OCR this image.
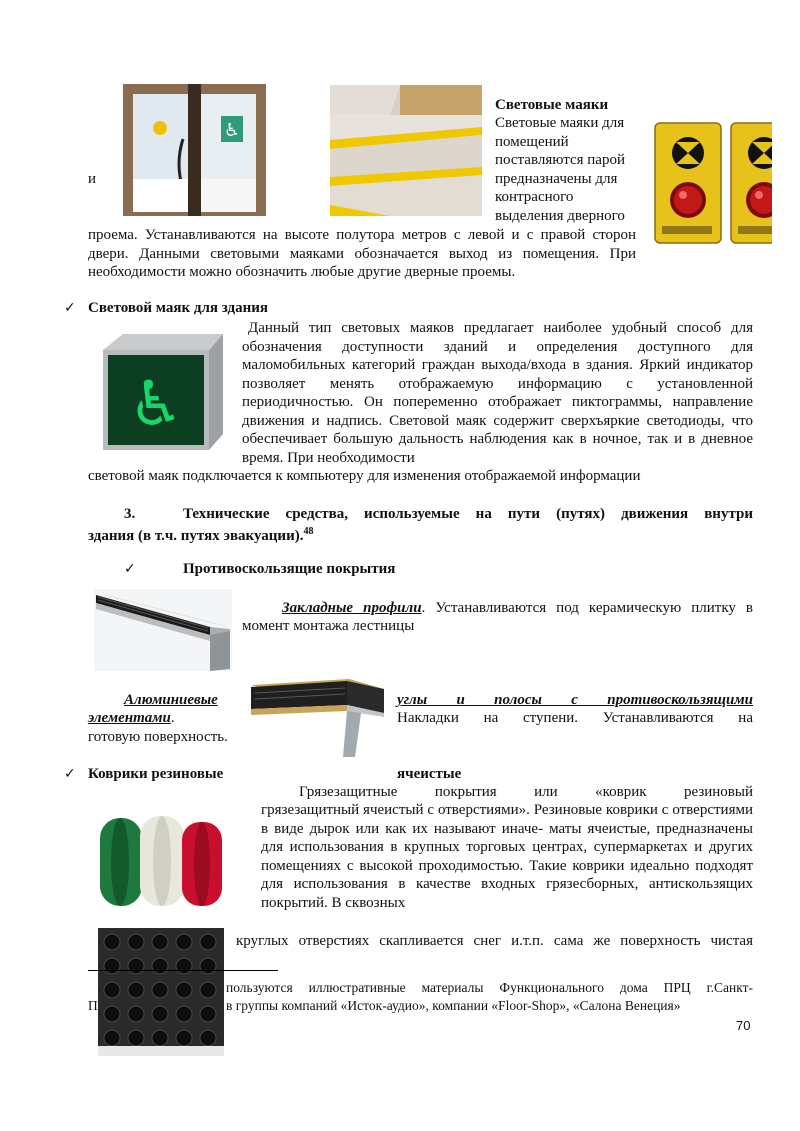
♿
и
Световые маяки
Световые маяки для
помещений
поставляются парой
предназначены для
контрасного
выделения дверного
проема. Устанавливаются на высоте полутора метров с левой и с правой сторон двери. Данными световыми маяками обозначается выход из помещения. При необходимости можно обозначить любые другие дверные проемы.
✓ Световой маяк для здания
♿
Данный тип световых маяков предлагает наиболее удобный способ для обозначения доступности зданий и определения доступного для маломобильных категорий граждан выхода/входа в здания. Яркий индикатор позволяет менять отображаемую информацию с установленной периодичностью. Он попеременно отображает пиктограммы, направление движения и надпись. Световой маяк содержит сверхъяркие светодиоды, что обеспечивает большую дальность наблюдения как в ночное, так и в дневное время. При необходимости
световой маяк подключается к компьютеру для изменения отображаемой информации
3.	Технические средства, используемые на пути (путях) движения внутри
здания (в т.ч. путях эвакуации).$^{48}$
✓	Противоскользящие покрытия
Закладные профили. Устанавливаются под керамическую плитку в
момент монтажа лестницы
Алюминиевые	углы и полосы с противоскользящими
элементами.	Накладки на ступени. Устанавливаются на
готовую поверхность.
✓ Коврики резиновые	ячеистые
Грязезащитные покрытия или «коврик резиновый
грязезащитный ячеистый с отверстиями». Резиновые коврики с отверстиями в виде дырок или как их называют иначе- маты ячеистые, предназначены для использования в крупных торговых центрах, супермаркетах и других помещениях с высокой проходимостью. Такие коврики идеально подходят для использования в качестве входных грязесборных, антискользящих покрытий. В сквозных
круглых отверстиях скапливается снег и.т.п. сама же поверхность чистая
пользуются иллюстративные материалы Функционального дома ПРЦ г.Санкт-
П	в группы компаний «Исток-аудио», компании «Floor-Shop», «Салона Венеция»
70
